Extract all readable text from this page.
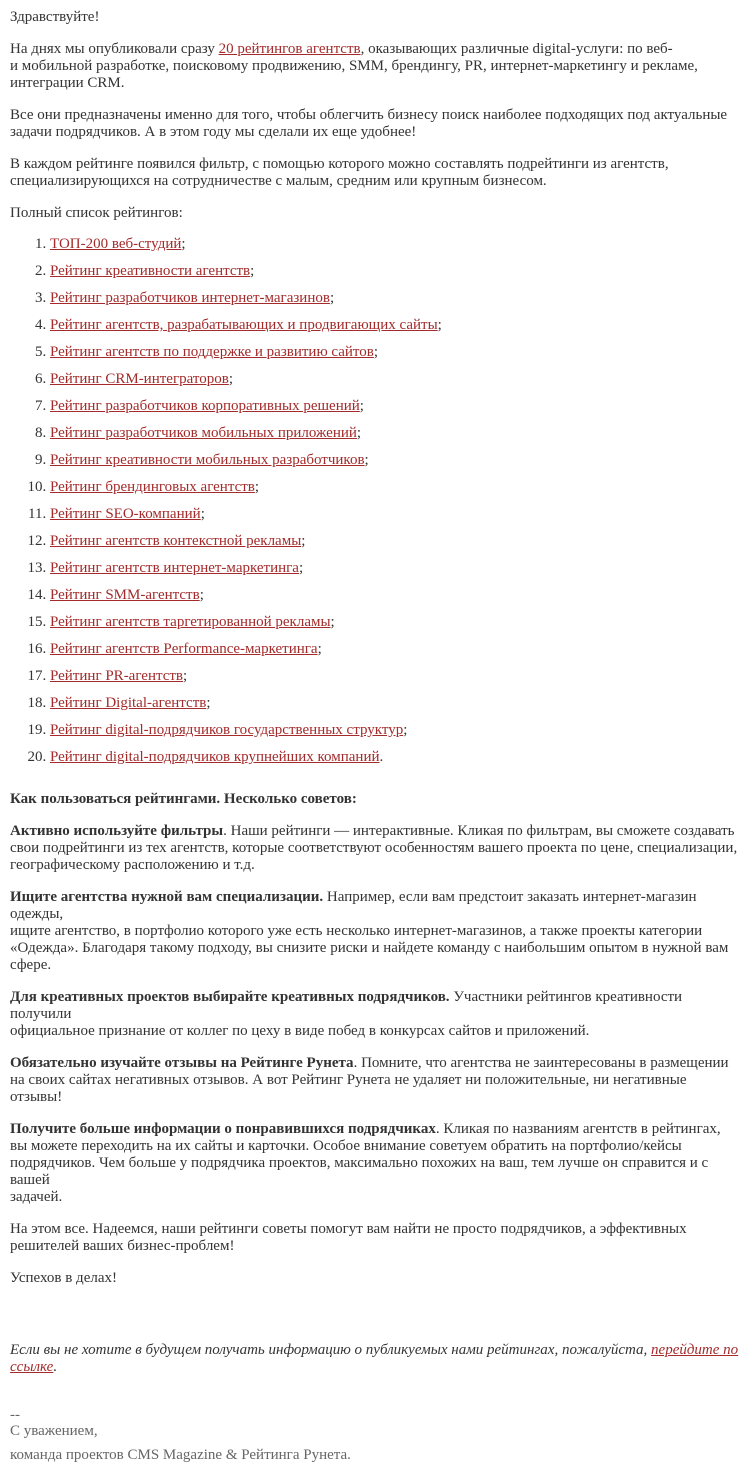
Здравствуйте!

На днях мы опубликовали сразу 20 рейтингов агентств, оказывающих различные digital-услуги: по веб-
и мобильной разработке, поисковому продвижению, SMM, брендингу, PR, интернет-маркетингу и рекламе,
интеграции CRM.

Все они предназначены именно для того, чтобы облегчить бизнесу поиск наиболее подходящих под актуальные
задачи подрядчиков. А в этом году мы сделали их еще удобнее!

В каждом рейтинге появился фильтр, с помощью которого можно составлять подрейтинги из агентств,
специализирующихся на сотрудничестве с малым, средним или крупным бизнесом.

Полный список рейтингов:

1. ТОП-200 веб-студий;
2. Рейтинг креативности агентств;
3. Рейтинг разработчиков интернет-магазинов;
4. Рейтинг агентств, разрабатывающих и продвигающих сайты;
5. Рейтинг агентств по поддержке и развитию сайтов;
6. Рейтинг CRM-интеграторов;
7. Рейтинг разработчиков корпоративных решений;
8. Рейтинг разработчиков мобильных приложений;
9. Рейтинг креативности мобильных разработчиков;
10. Рейтинг брендинговых агентств;
11. Рейтинг SEO-компаний;
12. Рейтинг агентств контекстной рекламы;
13. Рейтинг агентств интернет-маркетинга;
14. Рейтинг SMM-агентств;
15. Рейтинг агентств таргетированной рекламы;
16. Рейтинг агентств Performance-маркетинга;
17. Рейтинг PR-агентств;
18. Рейтинг Digital-агентств;
19. Рейтинг digital-подрядчиков государственных структур;
20. Рейтинг digital-подрядчиков крупнейших компаний.

Как пользоваться рейтингами. Несколько советов:

Активно используйте фильтры. Наши рейтинги — интерактивные. Кликая по фильтрам, вы сможете создавать
свои подрейтинги из тех агентств, которые соответствуют особенностям вашего проекта по цене, специализации,
географическому расположению и т.д.

Ищите агентства нужной вам специализации. Например, если вам предстоит заказать интернет-магазин одежды,
ищите агентство, в портфолио которого уже есть несколько интернет-магазинов, а также проекты категории
«Одежда». Благодаря такому подходу, вы снизите риски и найдете команду с наибольшим опытом в нужной вам
сфере.

Для креативных проектов выбирайте креативных подрядчиков. Участники рейтингов креативности получили
официальное признание от коллег по цеху в виде побед в конкурсах сайтов и приложений.

Обязательно изучайте отзывы на Рейтинге Рунета. Помните, что агентства не заинтересованы в размещении
на своих сайтах негативных отзывов. А вот Рейтинг Рунета не удаляет ни положительные, ни негативные отзывы!

Получите больше информации о понравившихся подрядчиках. Кликая по названиям агентств в рейтингах,
вы можете переходить на их сайты и карточки. Особое внимание советуем обратить на портфолио/кейсы
подрядчиков. Чем больше у подрядчика проектов, максимально похожих на ваш, тем лучше он справится и с вашей
задачей.

На этом все. Надеемся, наши рейтинги советы помогут вам найти не просто подрядчиков, а эффективных
решителей ваших бизнес-проблем!

Успехов в делах!

Если вы не хотите в будущем получать информацию о публикуемых нами рейтингах, пожалуйста, перейдите по
ссылке.

--
С уважением,
команда проектов CMS Magazine & Рейтинга Рунета.
